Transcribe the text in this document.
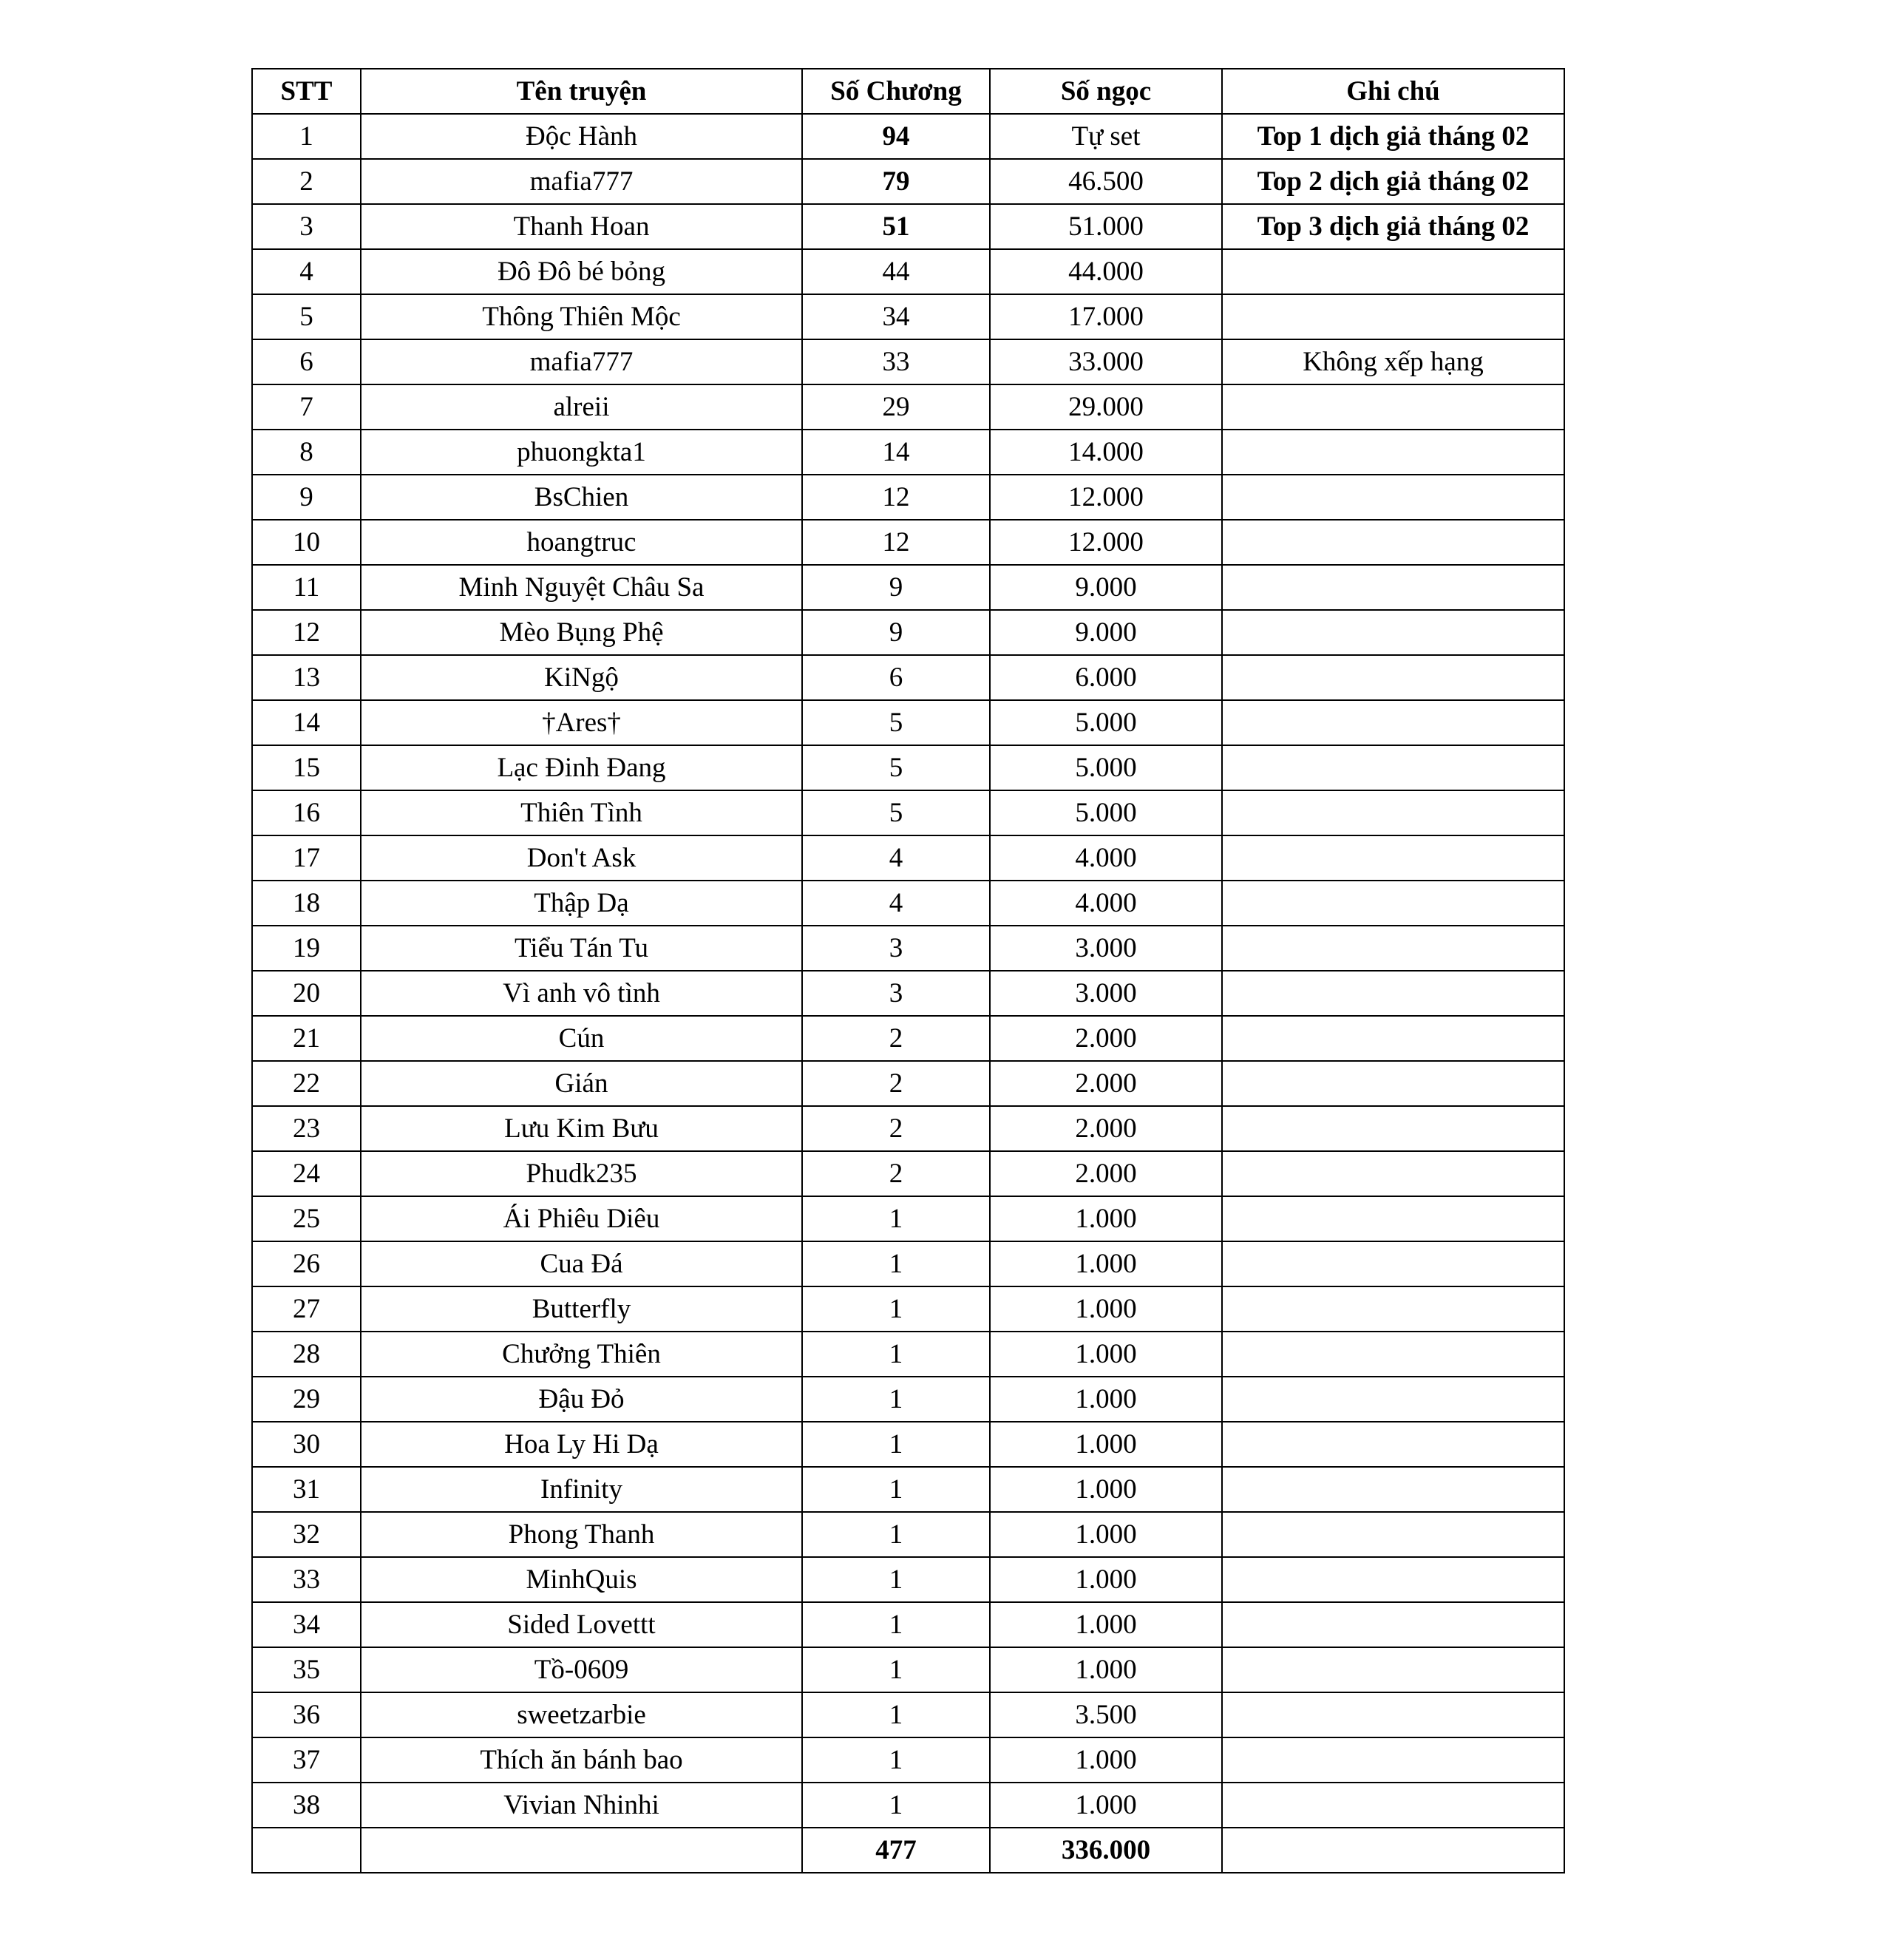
STT	Tên truyện	Số Chương	Số ngọc	Ghi chú
1	Độc Hành	94	Tự set	Top 1 dịch giả tháng 02
2	mafia777	79	46.500	Top 2 dịch giả tháng 02
3	Thanh Hoan	51	51.000	Top 3 dịch giả tháng 02
4	Đô Đô bé bỏng	44	44.000	
5	Thông Thiên Mộc	34	17.000	
6	mafia777	33	33.000	Không xếp hạng
7	alreii	29	29.000	
8	phuongkta1	14	14.000	
9	BsChien	12	12.000	
10	hoangtruc	12	12.000	
11	Minh Nguyệt Châu Sa	9	9.000	
12	Mèo Bụng Phệ	9	9.000	
13	KiNgộ	6	6.000	
14	†Ares†	5	5.000	
15	Lạc Đinh Đang	5	5.000	
16	Thiên Tình	5	5.000	
17	Don't Ask	4	4.000	
18	Thập Dạ	4	4.000	
19	Tiểu Tán Tu	3	3.000	
20	Vì anh vô tình	3	3.000	
21	Cún	2	2.000	
22	Gián	2	2.000	
23	Lưu Kim Bưu	2	2.000	
24	Phudk235	2	2.000	
25	Ái Phiêu Diêu	1	1.000	
26	Cua Đá	1	1.000	
27	Butterfly	1	1.000	
28	Chưởng Thiên	1	1.000	
29	Đậu Đỏ	1	1.000	
30	Hoa Ly Hi Dạ	1	1.000	
31	Infinity	1	1.000	
32	Phong Thanh	1	1.000	
33	MinhQuis	1	1.000	
34	Sided Lovettt	1	1.000	
35	Tồ-0609	1	1.000	
36	sweetzarbie	1	3.500	
37	Thích ăn bánh bao	1	1.000	
38	Vivian Nhinhi	1	1.000	
		477	336.000	
